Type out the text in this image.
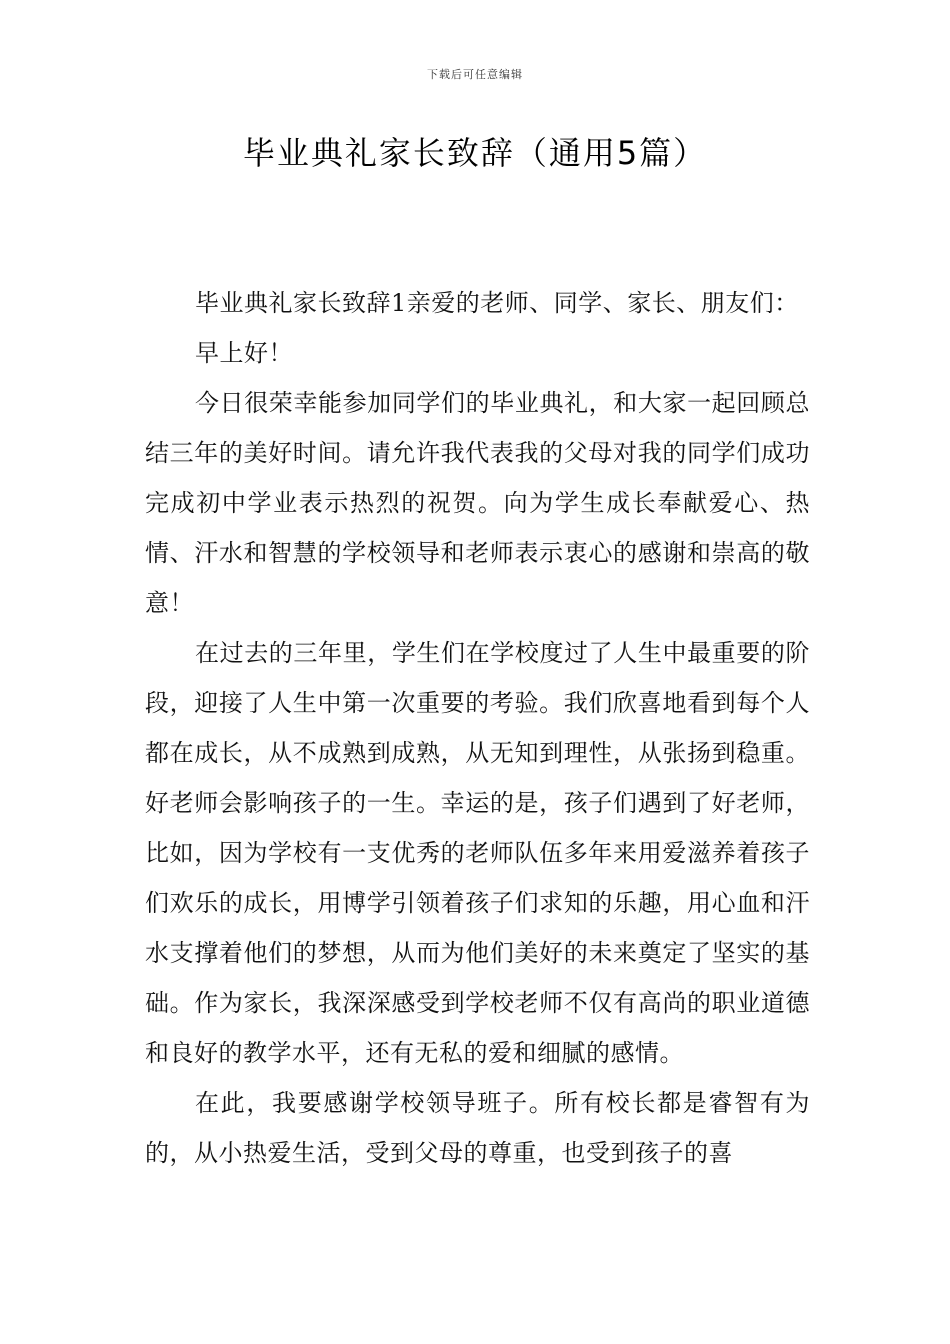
下载后可任意编辑
毕业典礼家长致辞（通用5篇）

毕业典礼家长致辞1亲爱的老师、同学、家长、朋友们：

早上好！

今日很荣幸能参加同学们的毕业典礼，和大家一起回顾总结三年的美好时间。请允许我代表我的父母对我的同学们成功完成初中学业表示热烈的祝贺。向为学生成长奉献爱心、热情、汗水和智慧的学校领导和老师表示衷心的感谢和崇高的敬意！

在过去的三年里，学生们在学校度过了人生中最重要的阶段，迎接了人生中第一次重要的考验。我们欣喜地看到每个人都在成长，从不成熟到成熟，从无知到理性，从张扬到稳重。好老师会影响孩子的一生。幸运的是，孩子们遇到了好老师，比如，因为学校有一支优秀的老师队伍多年来用爱滋养着孩子们欢乐的成长，用博学引领着孩子们求知的乐趣，用心血和汗水支撑着他们的梦想，从而为他们美好的未来奠定了坚实的基础。作为家长，我深深感受到学校老师不仅有高尚的职业道德和良好的教学水平，还有无私的爱和细腻的感情。

在此，我要感谢学校领导班子。所有校长都是睿智有为的，从小热爱生活，受到父母的尊重，也受到孩子的喜
